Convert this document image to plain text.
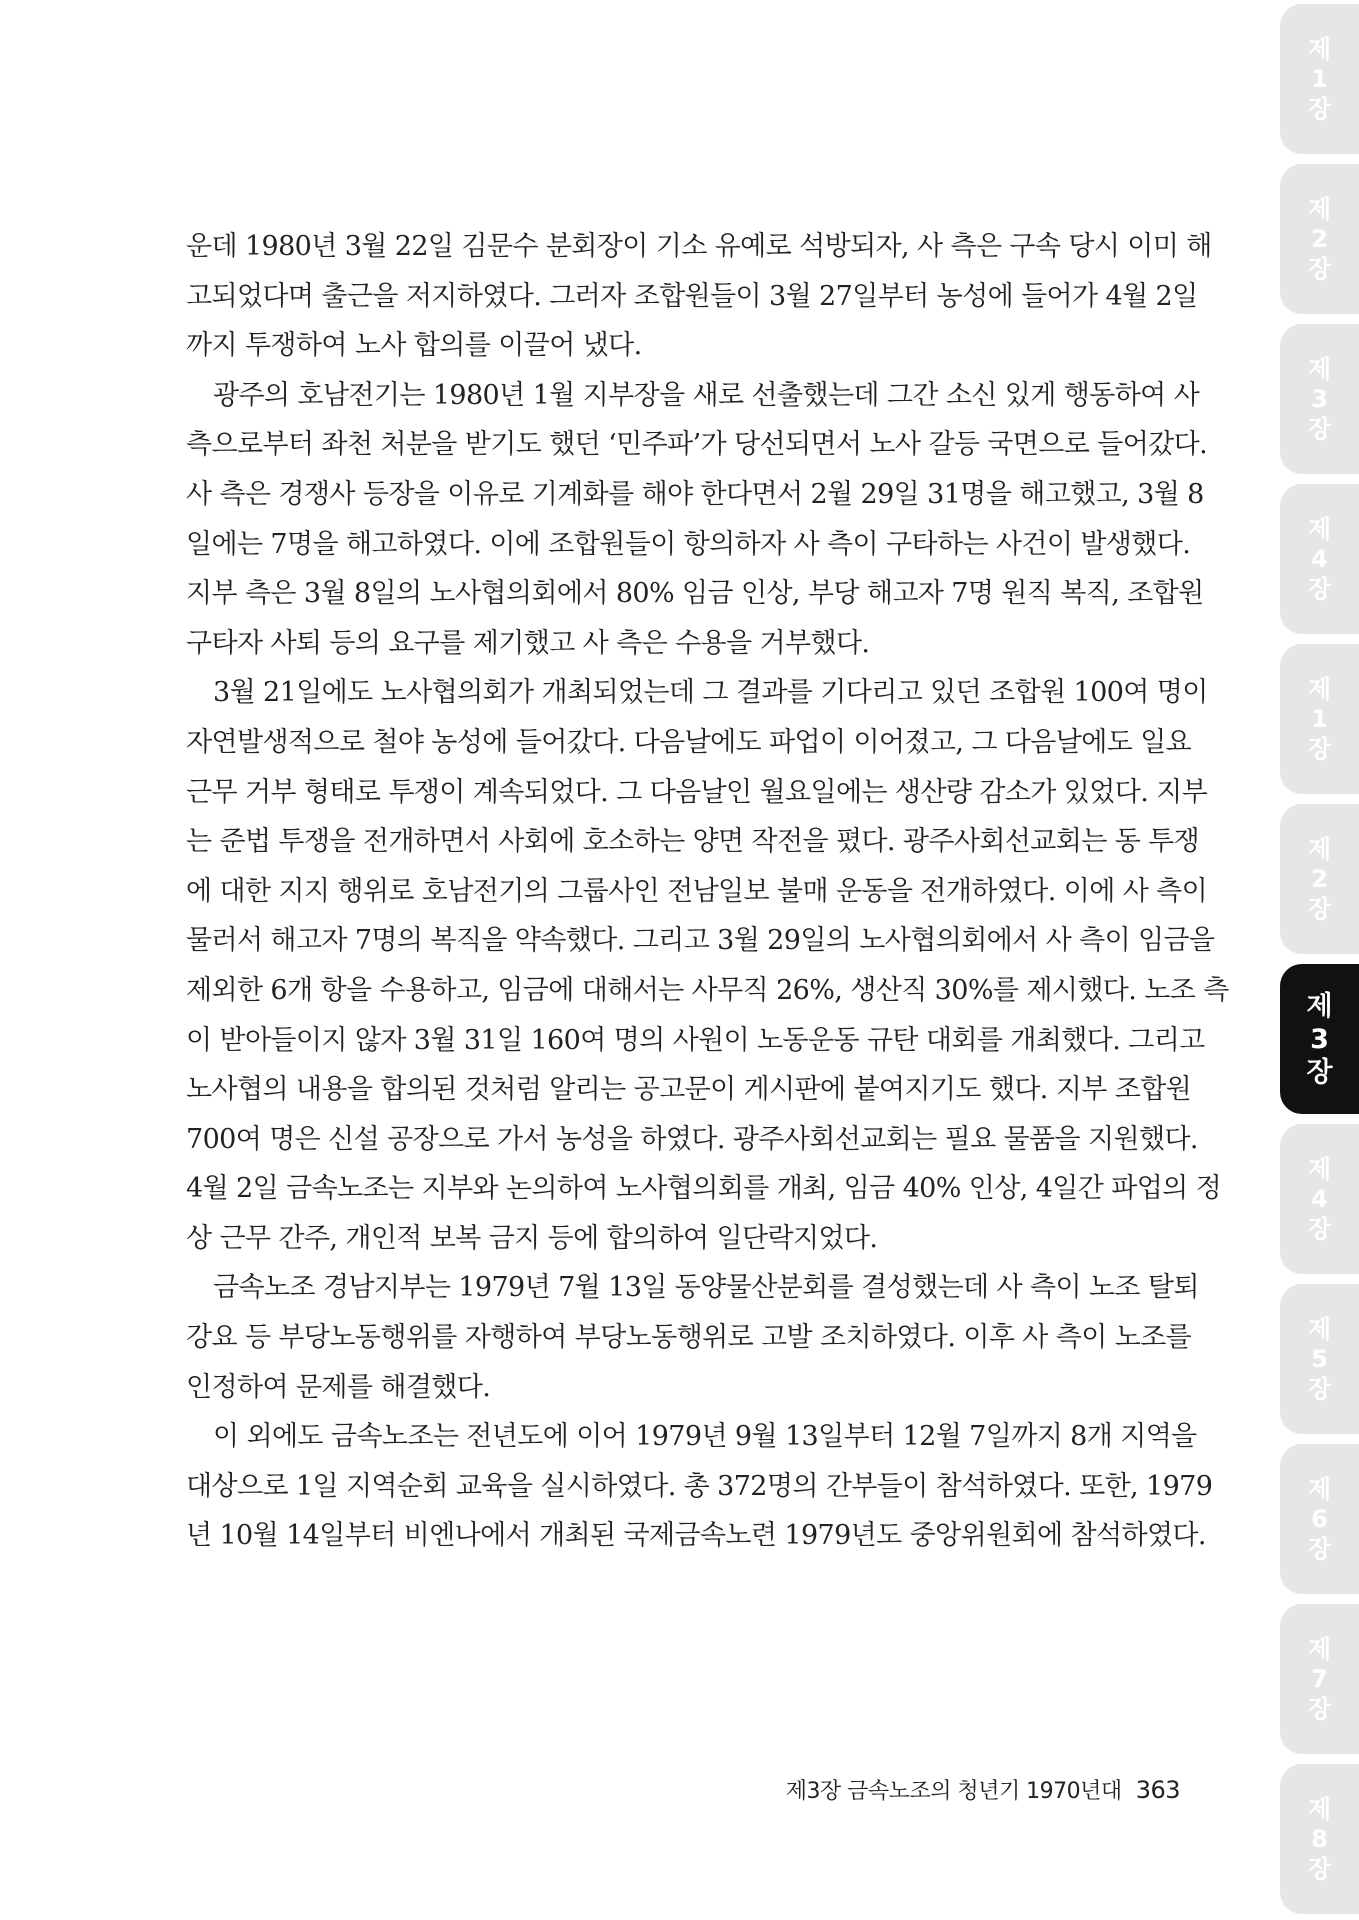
운데 1980년 3월 22일 김문수 분회장이 기소 유예로 석방되자, 사 측은 구속 당시 이미 해
고되었다며 출근을 저지하였다. 그러자 조합원들이 3월 27일부터 농성에 들어가 4월 2일
까지 투쟁하여 노사 합의를 이끌어 냈다.
광주의 호남전기는 1980년 1월 지부장을 새로 선출했는데 그간 소신 있게 행동하여 사
측으로부터 좌천 처분을 받기도 했던 ‘민주파’가 당선되면서 노사 갈등 국면으로 들어갔다.
사 측은 경쟁사 등장을 이유로 기계화를 해야 한다면서 2월 29일 31명을 해고했고, 3월 8
일에는 7명을 해고하였다. 이에 조합원들이 항의하자 사 측이 구타하는 사건이 발생했다.
지부 측은 3월 8일의 노사협의회에서 80% 임금 인상, 부당 해고자 7명 원직 복직, 조합원
구타자 사퇴 등의 요구를 제기했고 사 측은 수용을 거부했다.
3월 21일에도 노사협의회가 개최되었는데 그 결과를 기다리고 있던 조합원 100여 명이
자연발생적으로 철야 농성에 들어갔다. 다음날에도 파업이 이어졌고, 그 다음날에도 일요
근무 거부 형태로 투쟁이 계속되었다. 그 다음날인 월요일에는 생산량 감소가 있었다. 지부
는 준법 투쟁을 전개하면서 사회에 호소하는 양면 작전을 폈다. 광주사회선교회는 동 투쟁
에 대한 지지 행위로 호남전기의 그룹사인 전남일보 불매 운동을 전개하였다. 이에 사 측이
물러서 해고자 7명의 복직을 약속했다. 그리고 3월 29일의 노사협의회에서 사 측이 임금을
제외한 6개 항을 수용하고, 임금에 대해서는 사무직 26%, 생산직 30%를 제시했다. 노조 측
이 받아들이지 않자 3월 31일 160여 명의 사원이 노동운동 규탄 대회를 개최했다. 그리고
노사협의 내용을 합의된 것처럼 알리는 공고문이 게시판에 붙여지기도 했다. 지부 조합원
700여 명은 신설 공장으로 가서 농성을 하였다. 광주사회선교회는 필요 물품을 지원했다.
4월 2일 금속노조는 지부와 논의하여 노사협의회를 개최, 임금 40% 인상, 4일간 파업의 정
상 근무 간주, 개인적 보복 금지 등에 합의하여 일단락지었다.
금속노조 경남지부는 1979년 7월 13일 동양물산분회를 결성했는데 사 측이 노조 탈퇴
강요 등 부당노동행위를 자행하여 부당노동행위로 고발 조치하였다. 이후 사 측이 노조를
인정하여 문제를 해결했다.
이 외에도 금속노조는 전년도에 이어 1979년 9월 13일부터 12월 7일까지 8개 지역을
대상으로 1일 지역순회 교육을 실시하였다. 총 372명의 간부들이 참석하였다. 또한, 1979
년 10월 14일부터 비엔나에서 개최된 국제금속노련 1979년도 중앙위원회에 참석하였다.
제3장 금속노조의 청년기 1970년대 363
제
1
장
제
2
장
제
3
장
제
4
장
제
1
장
제
2
장
제
3
장
제
4
장
제
5
장
제
6
장
제
7
장
제
8
장
